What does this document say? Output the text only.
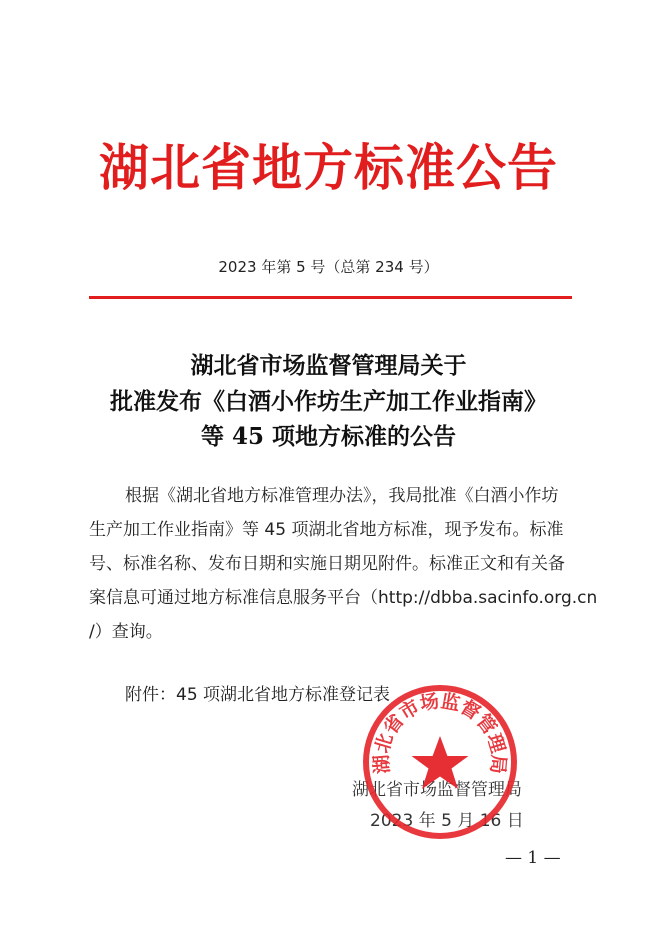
湖北省地方标准公告
2023 年第 5 号（总第 234 号）
湖北省市场监督管理局关于
批准发布《白酒小作坊生产加工作业指南》
等 45 项地方标准的公告
根据《湖北省地方标准管理办法》，我局批准《白酒小作坊
生产加工作业指南》等 45 项湖北省地方标准，现予发布。标准
号、标准名称、发布日期和实施日期见附件。标准正文和有关备
案信息可通过地方标准信息服务平台（http://dbba.sacinfo.org.cn
/）查询。
附件：45 项湖北省地方标准登记表
湖北省市场监督管理局
2023 年 5 月 16 日
湖北省市场监督管理局
— 1 —
